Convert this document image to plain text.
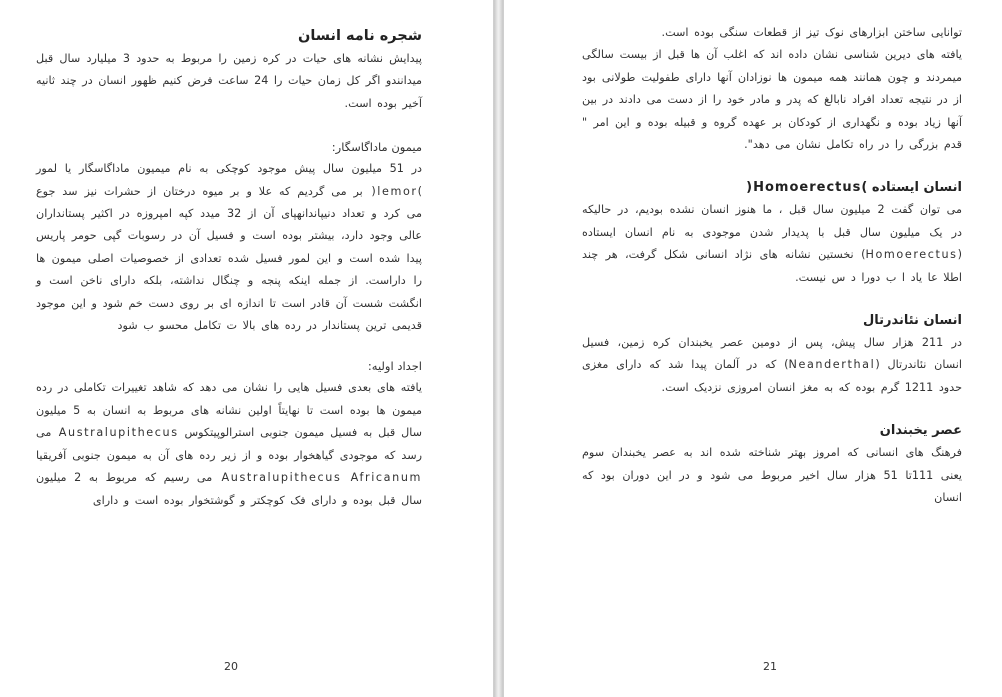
شجره نامه انسان

پیدایش نشانه های حیات در کره زمین را مربوط به حدود 3 میلیارد سال قبل میدانندو اگر کل زمان حیات را 24 ساعت فرض کنیم ظهور انسان در چند ثانیه آخیر بوده است.

میمون ماداگاسگار:

در 51 میلیون سال پیش موجود کوچکی به نام میمیون ماداگاسگار یا لمور )lemor( بر می گردیم که علا و بر میوه درختان از حشرات نیز سد جوع می کرد و تعداد دنیپاندانهپای آن از 32 میدد کپه امپروزه در اکثیر پستانداران عالی وجود دارد، بیشتر بوده است و فسیل آن در رسوبات گپی حومر پاریس پیدا شده است و این لمور فسیل شده تعدادی از خصوصیات اصلی میمون ها را داراست. از جمله اینکه پنجه و چنگال نداشته، بلکه دارای ناخن است و انگشت شست آن قادر است تا اندازه ای بر روی دست خم شود و این موجود قدیمی ترین پستاندار در رده های بالا ت تکامل محسو ب شود

اجداد اولیه:

یافته های بعدی فسیل هایی را نشان می دهد که شاهد تغییرات تکاملی در رده میمون ها بوده است تا نهایتاً اولین نشانه های مربوط به انسان به 5 میلیون سال قبل به فسیل میمون جنوبی استرالوپیتکوس Australupithecus می رسد که موجودی گیاهخوار بوده و از زیر رده های آن به میمون جنوبی آفریقیا Australupithecus Africanum می رسیم که مربوط به 2 میلیون سال قبل بوده و دارای فک کوچکتر و گوشتخوار بوده است و دارای

20

توانایی ساختن ابزارهای نوک تیز از قطعات سنگی بوده است.

یافته های دیرین شناسی نشان داده اند که اغلب آن ها قبل از بیست سالگی میمردند و چون همانند همه میمون ها نوزادان آنها دارای طفولیت طولانی بود از در نتیجه تعداد افراد نابالغ که پدر و مادر خود را از دست می دادند در بین آنها زیاد بوده و نگهداری از کودکان بر عهده گروه و قبیله بوده و این امر " قدم بزرگی را در راه تکامل نشان می دهد".

انسان ایستاده )Homoerectus(

می توان گفت 2 میلیون سال قبل ، ما هنوز انسان نشده بودیم، در حالیکه در یک میلیون سال قبل با پدیدار شدن موجودی به نام انسان ایستاده (Homoerectus) نخستین نشانه های نژاد انسانی شکل گرفت، هر چند اطلا عا یاد ا ب دورا د س نیست.

انسان نئاندرتال

در 211 هزار سال پیش، پس از دومین عصر یخبندان کره زمین، فسیل انسان نئاندرتال (Neanderthal) که در آلمان پیدا شد که دارای مغزی حدود 1211 گرم بوده که به مغز انسان امروزی نزدیک است.

عصر یخبندان

فرهنگ های انسانی که امروز بهتر شناخته شده اند به عصر یخبندان سوم یعنی 111تا 51 هزار سال اخیر مربوط می شود و در این دوران بود که انسان

21
